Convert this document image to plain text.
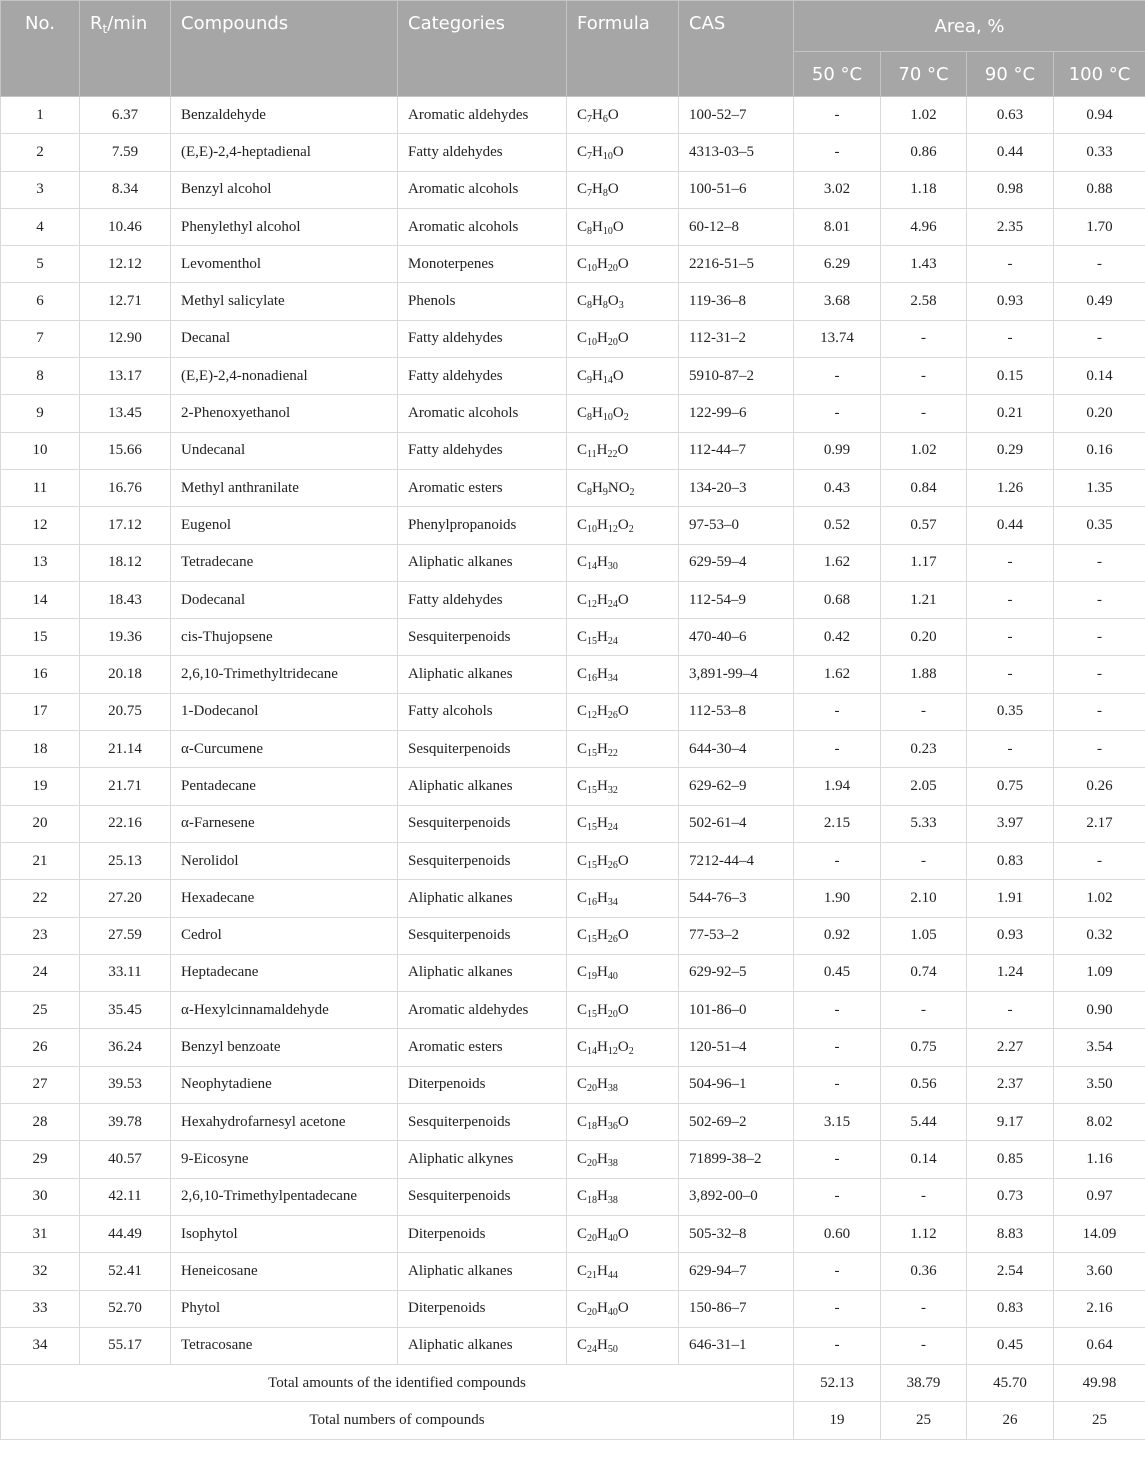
No.	$R_t/\min$	Compounds	Categories	Formula	CAS	Area, %			
						50 °C	70 °C	90 °C	100 °C
1	6.37	Benzaldehyde	Aromatic aldehydes	$C_7H_6O$	100-52–7	-	1.02	0.63	0.94
2	7.59	(E,E)-2,4-heptadienal	Fatty aldehydes	$C_7H_{10}O$	4313-03–5	-	0.86	0.44	0.33
3	8.34	Benzyl alcohol	Aromatic alcohols	$C_7H_8O$	100-51–6	3.02	1.18	0.98	0.88
4	10.46	Phenylethyl alcohol	Aromatic alcohols	$C_8H_{10}O$	60-12–8	8.01	4.96	2.35	1.70
5	12.12	Levomenthol	Monoterpenes	$C_{10}H_{20}O$	2216-51–5	6.29	1.43	-	-
6	12.71	Methyl salicylate	Phenols	$C_8H_8O_3$	119-36–8	3.68	2.58	0.93	0.49
7	12.90	Decanal	Fatty aldehydes	$C_{10}H_{20}O$	112-31–2	13.74	-	-	-
8	13.17	(E,E)-2,4-nonadienal	Fatty aldehydes	$C_9H_{14}O$	5910-87–2	-	-	0.15	0.14
9	13.45	2-Phenoxyethanol	Aromatic alcohols	$C_8H_{10}O_2$	122-99–6	-	-	0.21	0.20
10	15.66	Undecanal	Fatty aldehydes	$C_{11}H_{22}O$	112-44–7	0.99	1.02	0.29	0.16
11	16.76	Methyl anthranilate	Aromatic esters	$C_8H_9NO_2$	134-20–3	0.43	0.84	1.26	1.35
12	17.12	Eugenol	Phenylpropanoids	$C_{10}H_{12}O_2$	97-53–0	0.52	0.57	0.44	0.35
13	18.12	Tetradecane	Aliphatic alkanes	$C_{14}H_{30}$	629-59–4	1.62	1.17	-	-
14	18.43	Dodecanal	Fatty aldehydes	$C_{12}H_{24}O$	112-54–9	0.68	1.21	-	-
15	19.36	cis-Thujopsene	Sesquiterpenoids	$C_{15}H_{24}$	470-40–6	0.42	0.20	-	-
16	20.18	2,6,10-Trimethyltridecane	Aliphatic alkanes	$C_{16}H_{34}$	3,891-99–4	1.62	1.88	-	-
17	20.75	1-Dodecanol	Fatty alcohols	$C_{12}H_{26}O$	112-53–8	-	-	0.35	-
18	21.14	α-Curcumene	Sesquiterpenoids	$C_{15}H_{22}$	644-30–4	-	0.23	-	-
19	21.71	Pentadecane	Aliphatic alkanes	$C_{15}H_{32}$	629-62–9	1.94	2.05	0.75	0.26
20	22.16	α-Farnesene	Sesquiterpenoids	$C_{15}H_{24}$	502-61–4	2.15	5.33	3.97	2.17
21	25.13	Nerolidol	Sesquiterpenoids	$C_{15}H_{26}O$	7212-44–4	-	-	0.83	-
22	27.20	Hexadecane	Aliphatic alkanes	$C_{16}H_{34}$	544-76–3	1.90	2.10	1.91	1.02
23	27.59	Cedrol	Sesquiterpenoids	$C_{15}H_{26}O$	77-53–2	0.92	1.05	0.93	0.32
24	33.11	Heptadecane	Aliphatic alkanes	$C_{19}H_{40}$	629-92–5	0.45	0.74	1.24	1.09
25	35.45	α-Hexylcinnamaldehyde	Aromatic aldehydes	$C_{15}H_{20}O$	101-86–0	-	-	-	0.90
26	36.24	Benzyl benzoate	Aromatic esters	$C_{14}H_{12}O_2$	120-51–4	-	0.75	2.27	3.54
27	39.53	Neophytadiene	Diterpenoids	$C_{20}H_{38}$	504-96–1	-	0.56	2.37	3.50
28	39.78	Hexahydrofarnesyl acetone	Sesquiterpenoids	$C_{18}H_{36}O$	502-69–2	3.15	5.44	9.17	8.02
29	40.57	9-Eicosyne	Aliphatic alkynes	$C_{20}H_{38}$	71899-38–2	-	0.14	0.85	1.16
30	42.11	2,6,10-Trimethylpentadecane	Sesquiterpenoids	$C_{18}H_{38}$	3,892-00–0	-	-	0.73	0.97
31	44.49	Isophytol	Diterpenoids	$C_{20}H_{40}O$	505-32–8	0.60	1.12	8.83	14.09
32	52.41	Heneicosane	Aliphatic alkanes	$C_{21}H_{44}$	629-94–7	-	0.36	2.54	3.60
33	52.70	Phytol	Diterpenoids	$C_{20}H_{40}O$	150-86–7	-	-	0.83	2.16
34	55.17	Tetracosane	Aliphatic alkanes	$C_{24}H_{50}$	646-31–1	-	-	0.45	0.64
Total amounts of the identified compounds						52.13	38.79	45.70	49.98
Total numbers of compounds						19	25	26	25
